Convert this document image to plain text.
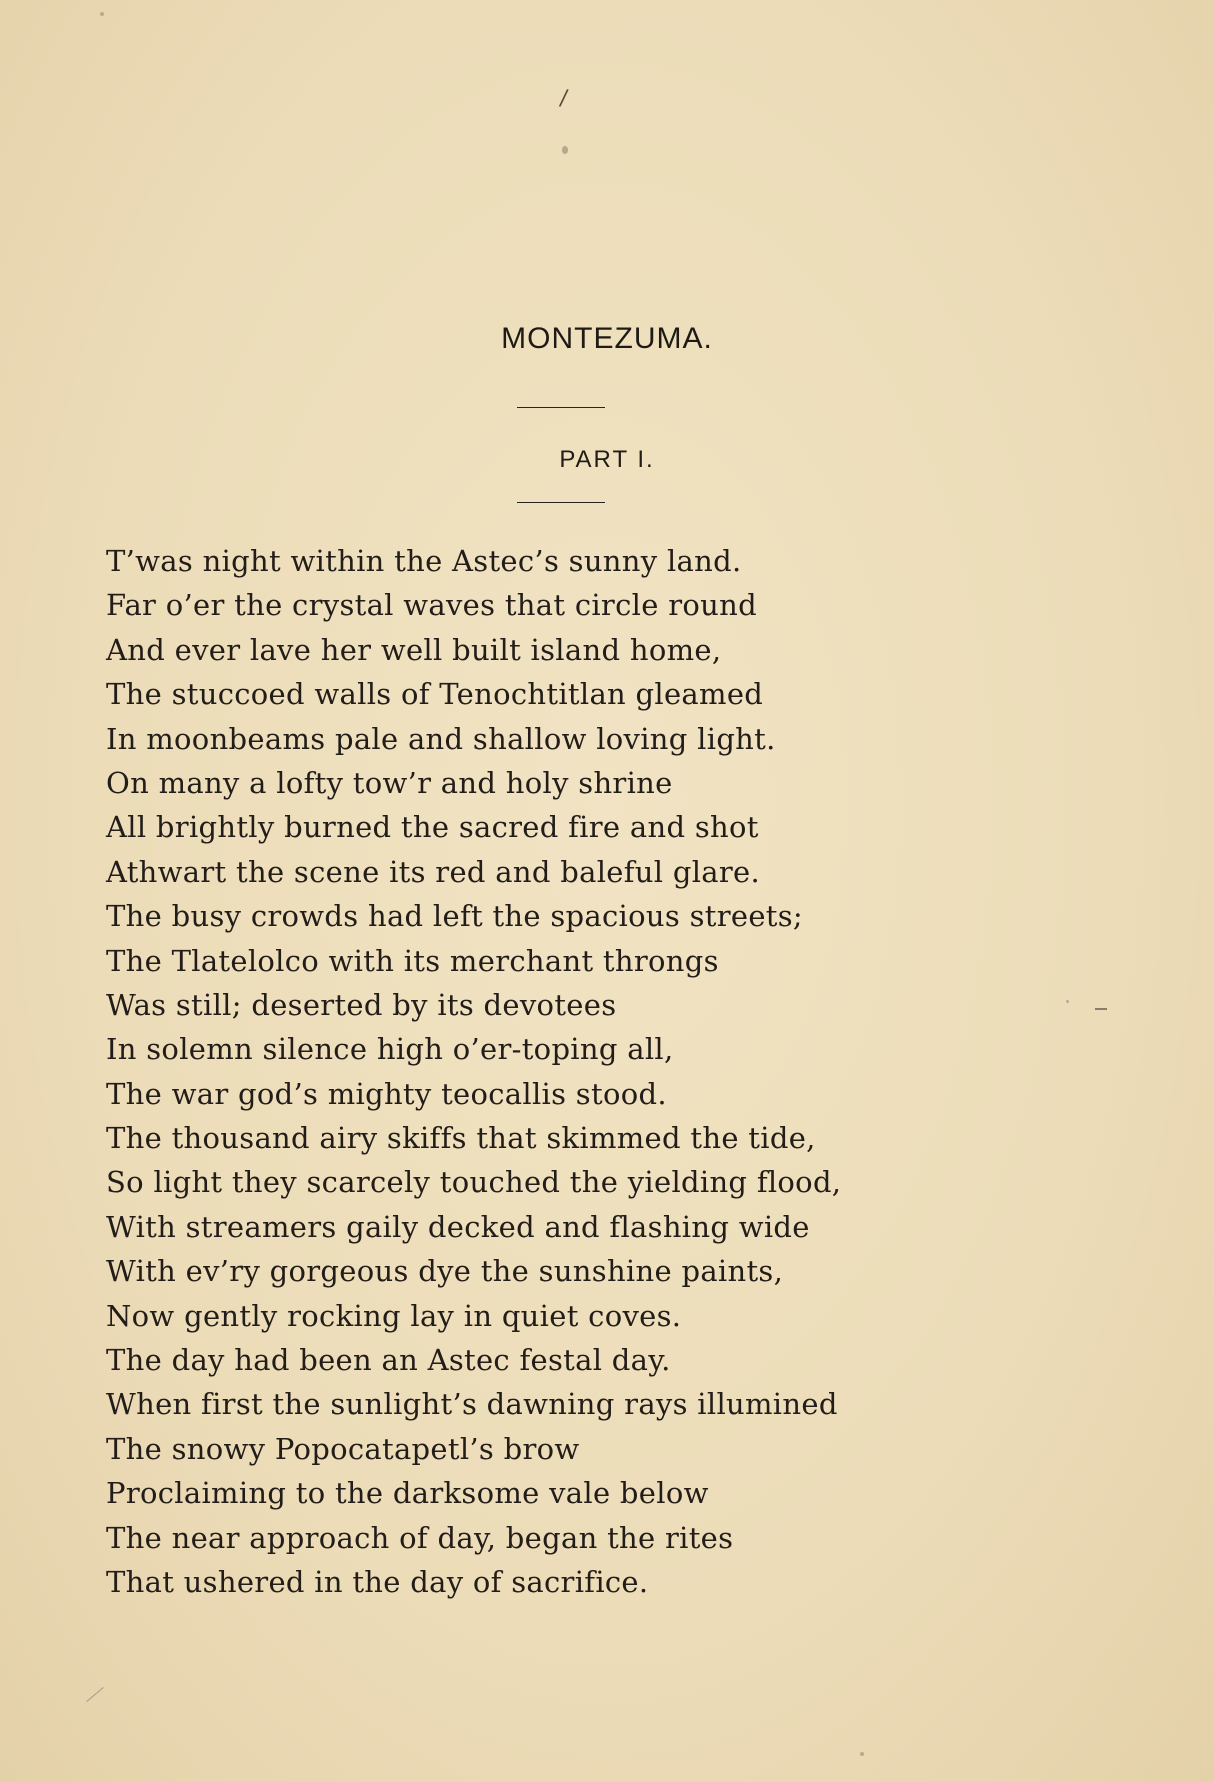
/
MONTEZUMA.
PART I.
T’was night within the Astec’s sunny land.
Far o’er the crystal waves that circle round
And ever lave her well built island home,
The stuccoed walls of Tenochtitlan gleamed
In moonbeams pale and shallow loving light.
On many a lofty tow’r and holy shrine
All brightly burned the sacred fire and shot
Athwart the scene its red and baleful glare.
The busy crowds had left the spacious streets;
The Tlatelolco with its merchant throngs
Was still; deserted by its devotees
In solemn silence high o’er-toping all,
The war god’s mighty teocallis stood.
The thousand airy skiffs that skimmed the tide,
So light they scarcely touched the yielding flood,
With streamers gaily decked and flashing wide
With ev’ry gorgeous dye the sunshine paints,
Now gently rocking lay in quiet coves.
The day had been an Astec festal day.
When first the sunlight’s dawning rays illumined
The snowy Popocatapetl’s brow
Proclaiming to the darksome vale below
The near approach of day, began the rites
That ushered in the day of sacrifice.
